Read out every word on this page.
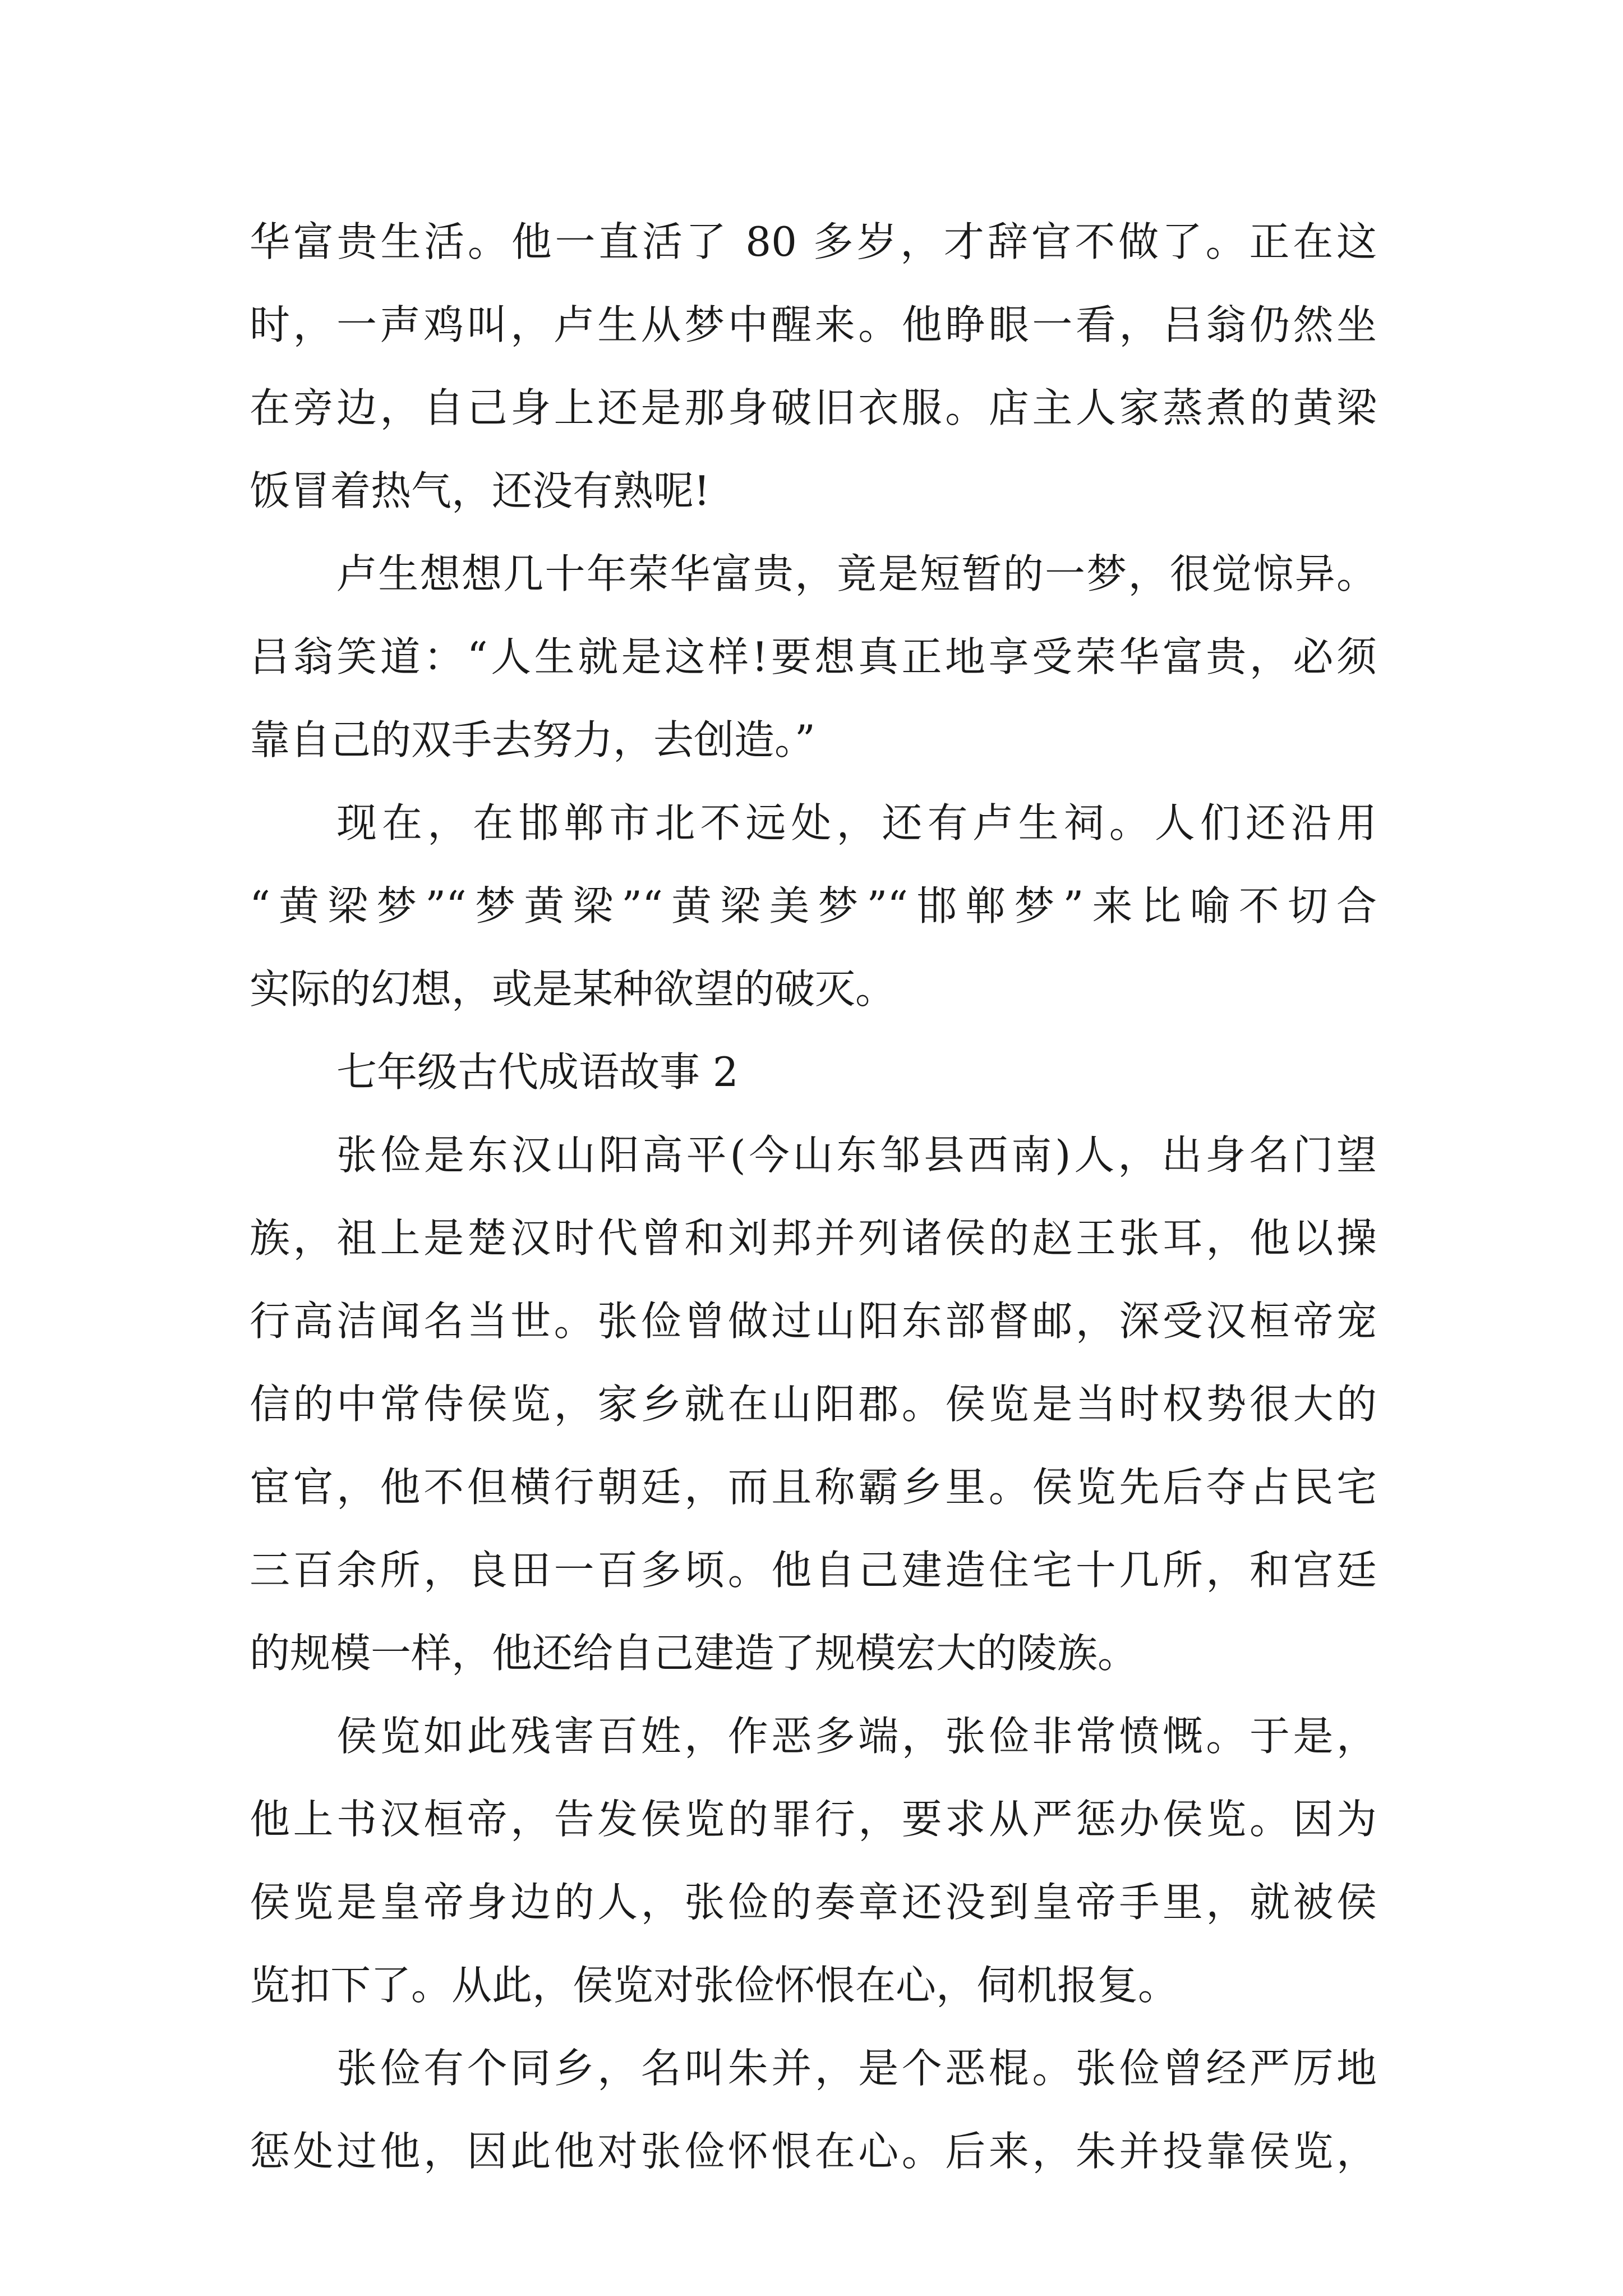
华富贵生活。他一直活了 80 多岁，才辞官不做了。正在这
时，一声鸡叫，卢生从梦中醒来。他睁眼一看，吕翁仍然坐
在旁边，自己身上还是那身破旧衣服。店主人家蒸煮的黄梁
饭冒着热气，还没有熟呢!
卢生想想几十年荣华富贵，竟是短暂的一梦，很觉惊异。
吕翁笑道：“人生就是这样!要想真正地享受荣华富贵，必须
靠自己的双手去努力，去创造。”
现在，在邯郸市北不远处，还有卢生祠。人们还沿用
“黄梁梦”“梦黄梁”“黄梁美梦”“邯郸梦”来比喻不切合
实际的幻想，或是某种欲望的破灭。
七年级古代成语故事 2
张俭是东汉山阳高平(今山东邹县西南)人，出身名门望
族，祖上是楚汉时代曾和刘邦并列诸侯的赵王张耳，他以操
行高洁闻名当世。张俭曾做过山阳东部督邮，深受汉桓帝宠
信的中常侍侯览，家乡就在山阳郡。侯览是当时权势很大的
宦官，他不但横行朝廷，而且称霸乡里。侯览先后夺占民宅
三百余所，良田一百多顷。他自己建造住宅十几所，和宫廷
的规模一样，他还给自己建造了规模宏大的陵族。
侯览如此残害百姓，作恶多端，张俭非常愤慨。于是，
他上书汉桓帝，告发侯览的罪行，要求从严惩办侯览。因为
侯览是皇帝身边的人，张俭的奏章还没到皇帝手里，就被侯
览扣下了。从此，侯览对张俭怀恨在心，伺机报复。
张俭有个同乡，名叫朱并，是个恶棍。张俭曾经严厉地
惩处过他，因此他对张俭怀恨在心。后来，朱并投靠侯览，
